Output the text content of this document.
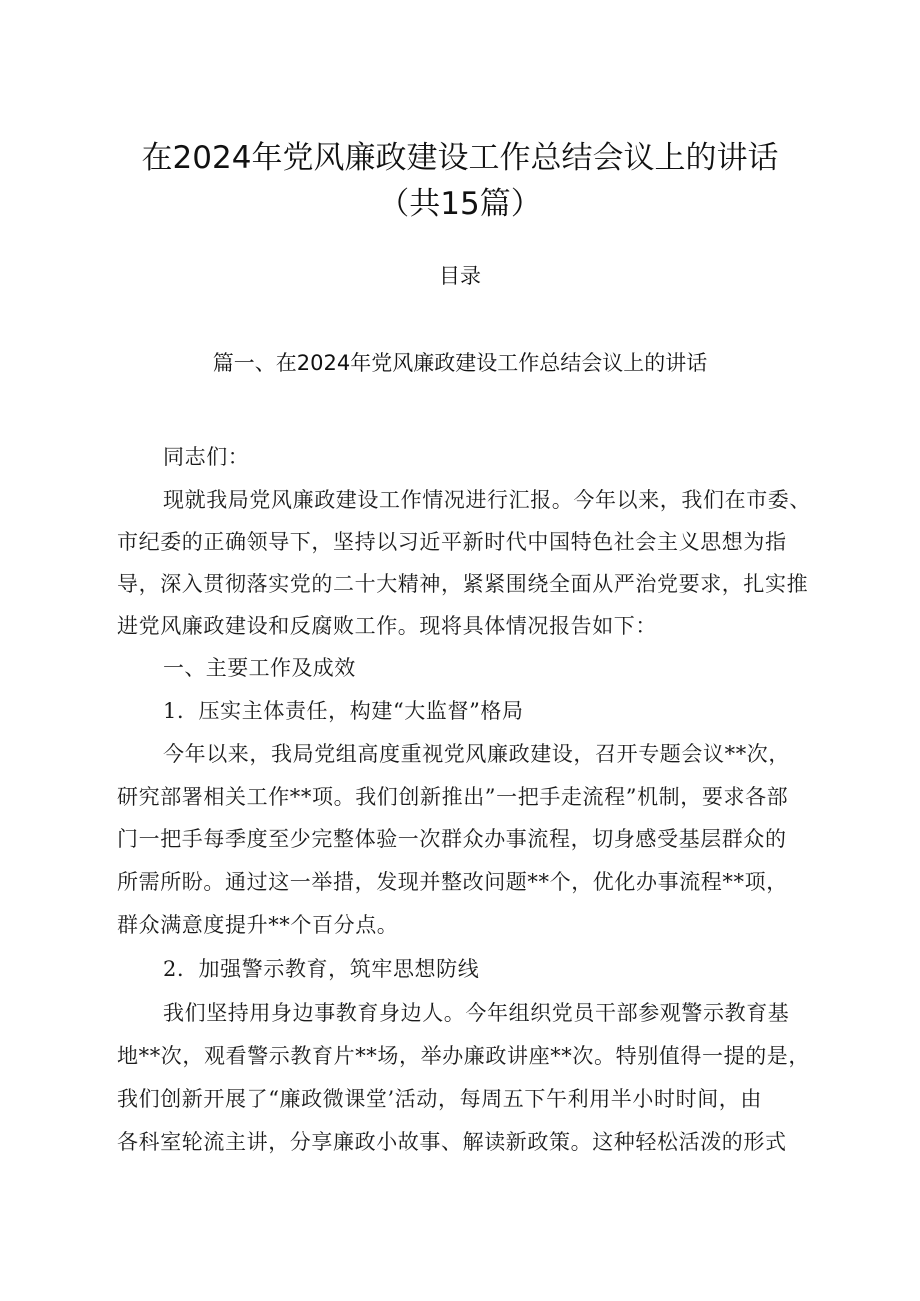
在2024年党风廉政建设工作总结会议上的讲话
（共15篇）
目录
篇一、在2024年党风廉政建设工作总结会议上的讲话
同志们：
现就我局党风廉政建设工作情况进行汇报。今年以来，我们在市委、
市纪委的正确领导下，坚持以习近平新时代中国特色社会主义思想为指
导，深入贯彻落实党的二十大精神，紧紧围绕全面从严治党要求，扎实推
进党风廉政建设和反腐败工作。现将具体情况报告如下：
一、主要工作及成效
1．压实主体责任，构建“大监督”格局
今年以来，我局党组高度重视党风廉政建设，召开专题会议**次，
研究部署相关工作**项。我们创新推出”一把手走流程”机制，要求各部
门一把手每季度至少完整体验一次群众办事流程，切身感受基层群众的
所需所盼。通过这一举措，发现并整改问题**个，优化办事流程**项，
群众满意度提升**个百分点。
2．加强警示教育，筑牢思想防线
我们坚持用身边事教育身边人。今年组织党员干部参观警示教育基
地**次，观看警示教育片**场，举办廉政讲座**次。特别值得一提的是，
我们创新开展了“廉政微课堂’活动，每周五下午利用半小时时间，由
各科室轮流主讲，分享廉政小故事、解读新政策。这种轻松活泼的形式
